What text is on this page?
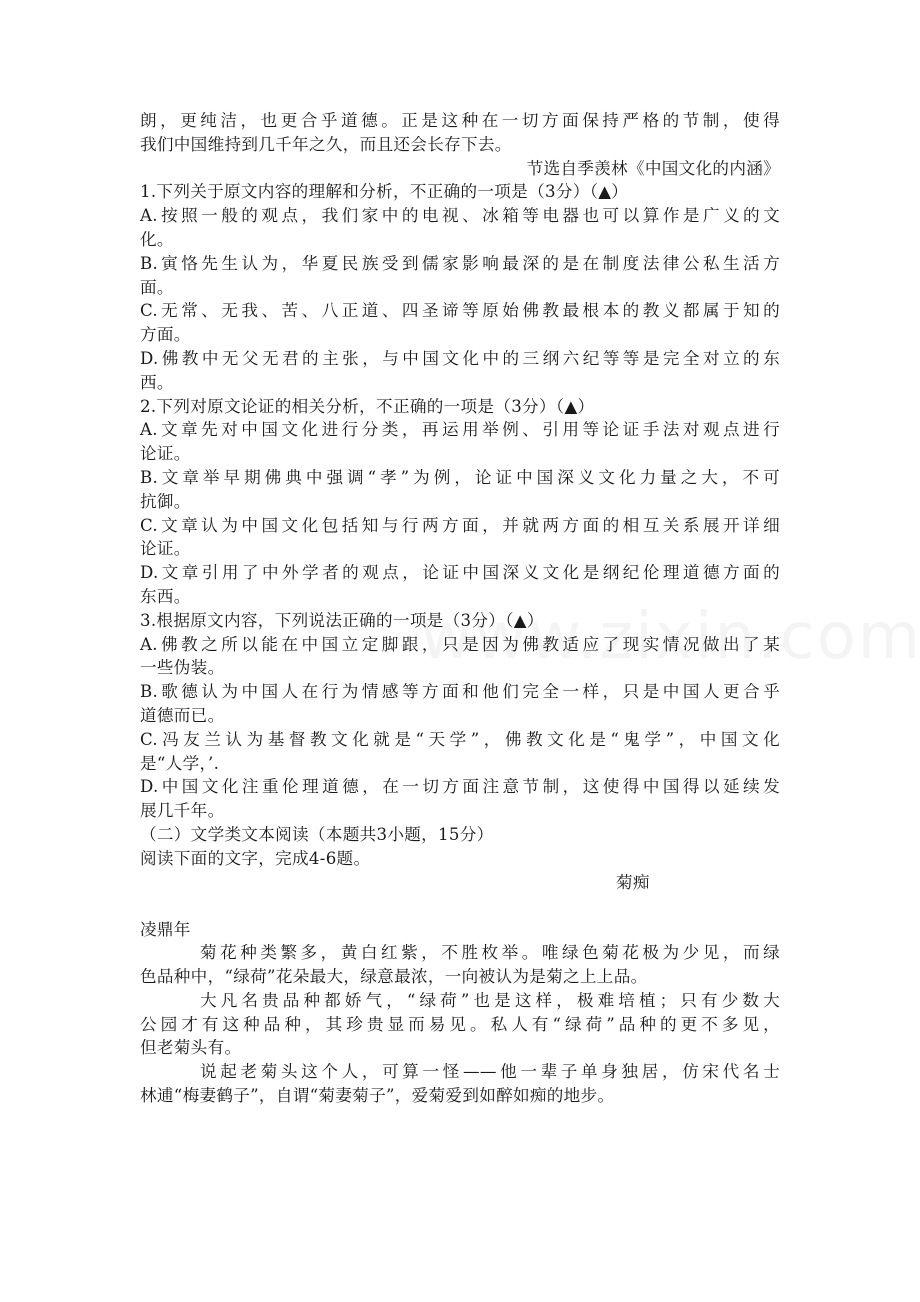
朗，更纯洁，也更合乎道德。正是这种在一切方面保持严格的节制，使得
我们中国维持到几千年之久，而且还会长存下去。
节选自季羡林《中国文化的内涵》
1.下列关于原文内容的理解和分析，不正确的一项是（3分）（▲）
A.按照一般的观点，我们家中的电视、冰箱等电器也可以算作是广义的文
化。
B.寅恪先生认为，华夏民族受到儒家影响最深的是在制度法律公私生活方
面。
C.无常、无我、苦、八正道、四圣谛等原始佛教最根本的教义都属于知的
方面。
D.佛教中无父无君的主张，与中国文化中的三纲六纪等等是完全对立的东
西。
2.下列对原文论证的相关分析，不正确的一项是（3分）（▲）
A.文章先对中国文化进行分类，再运用举例、引用等论证手法对观点进行
论证。
B.文章举早期佛典中强调“孝”为例，论证中国深义文化力量之大，不可
抗御。
C.文章认为中国文化包括知与行两方面，并就两方面的相互关系展开详细
论证。
D.文章引用了中外学者的观点，论证中国深义文化是纲纪伦理道德方面的
东西。
3.根据原文内容，下列说法正确的一项是（3分）（▲）
A.佛教之所以能在中国立定脚跟，只是因为佛教适应了现实情况做出了某
一些伪装。
B.歌德认为中国人在行为情感等方面和他们完全一样，只是中国人更合乎
道德而已。
C.冯友兰认为基督教文化就是“天学”，佛教文化是“鬼学”，中国文化
是“人学，’.
D.中国文化注重伦理道德，在一切方面注意节制，这使得中国得以延续发
展几千年。
（二）文学类文本阅读（本题共3小题，15分）
阅读下面的文字，完成4-6题。
菊痴
凌鼎年
菊花种类繁多，黄白红紫，不胜枚举。唯绿色菊花极为少见，而绿
色品种中，“绿荷”花朵最大，绿意最浓，一向被认为是菊之上上品。
大凡名贵品种都娇气，“绿荷”也是这样，极难培植；只有少数大
公园才有这种品种，其珍贵显而易见。私人有“绿荷”品种的更不多见，
但老菊头有。
说起老菊头这个人，可算一怪——他一辈子单身独居，仿宋代名士
林逋“梅妻鹤子”，自谓“菊妻菊子”，爱菊爱到如醉如痴的地步。
